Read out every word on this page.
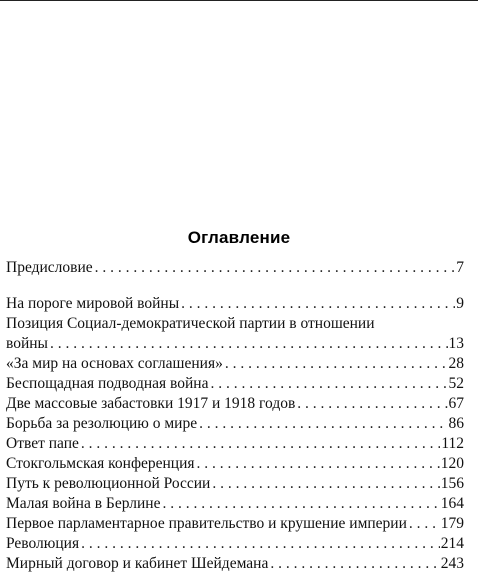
Оглавление
Предисловие . . .	7
На пороге мировой войны . . .	9
Позиция Социал-демократической партии в отношении
войны . . .	13
«За мир на основах соглашения» . . .	28
Беспощадная подводная война . . .	52
Две массовые забастовки 1917 и 1918 годов . . .	67
Борьба за резолюцию о мире . . .	86
Ответ папе . . .	112
Стокгольмская конференция . . .	120
Путь к революционной России . . .	156
Малая война в Берлине . . .	164
Первое парламентарное правительство и крушение империи . . . 179
Революция . . .	214
Мирный договор и кабинет Шейдемана . . .	243
